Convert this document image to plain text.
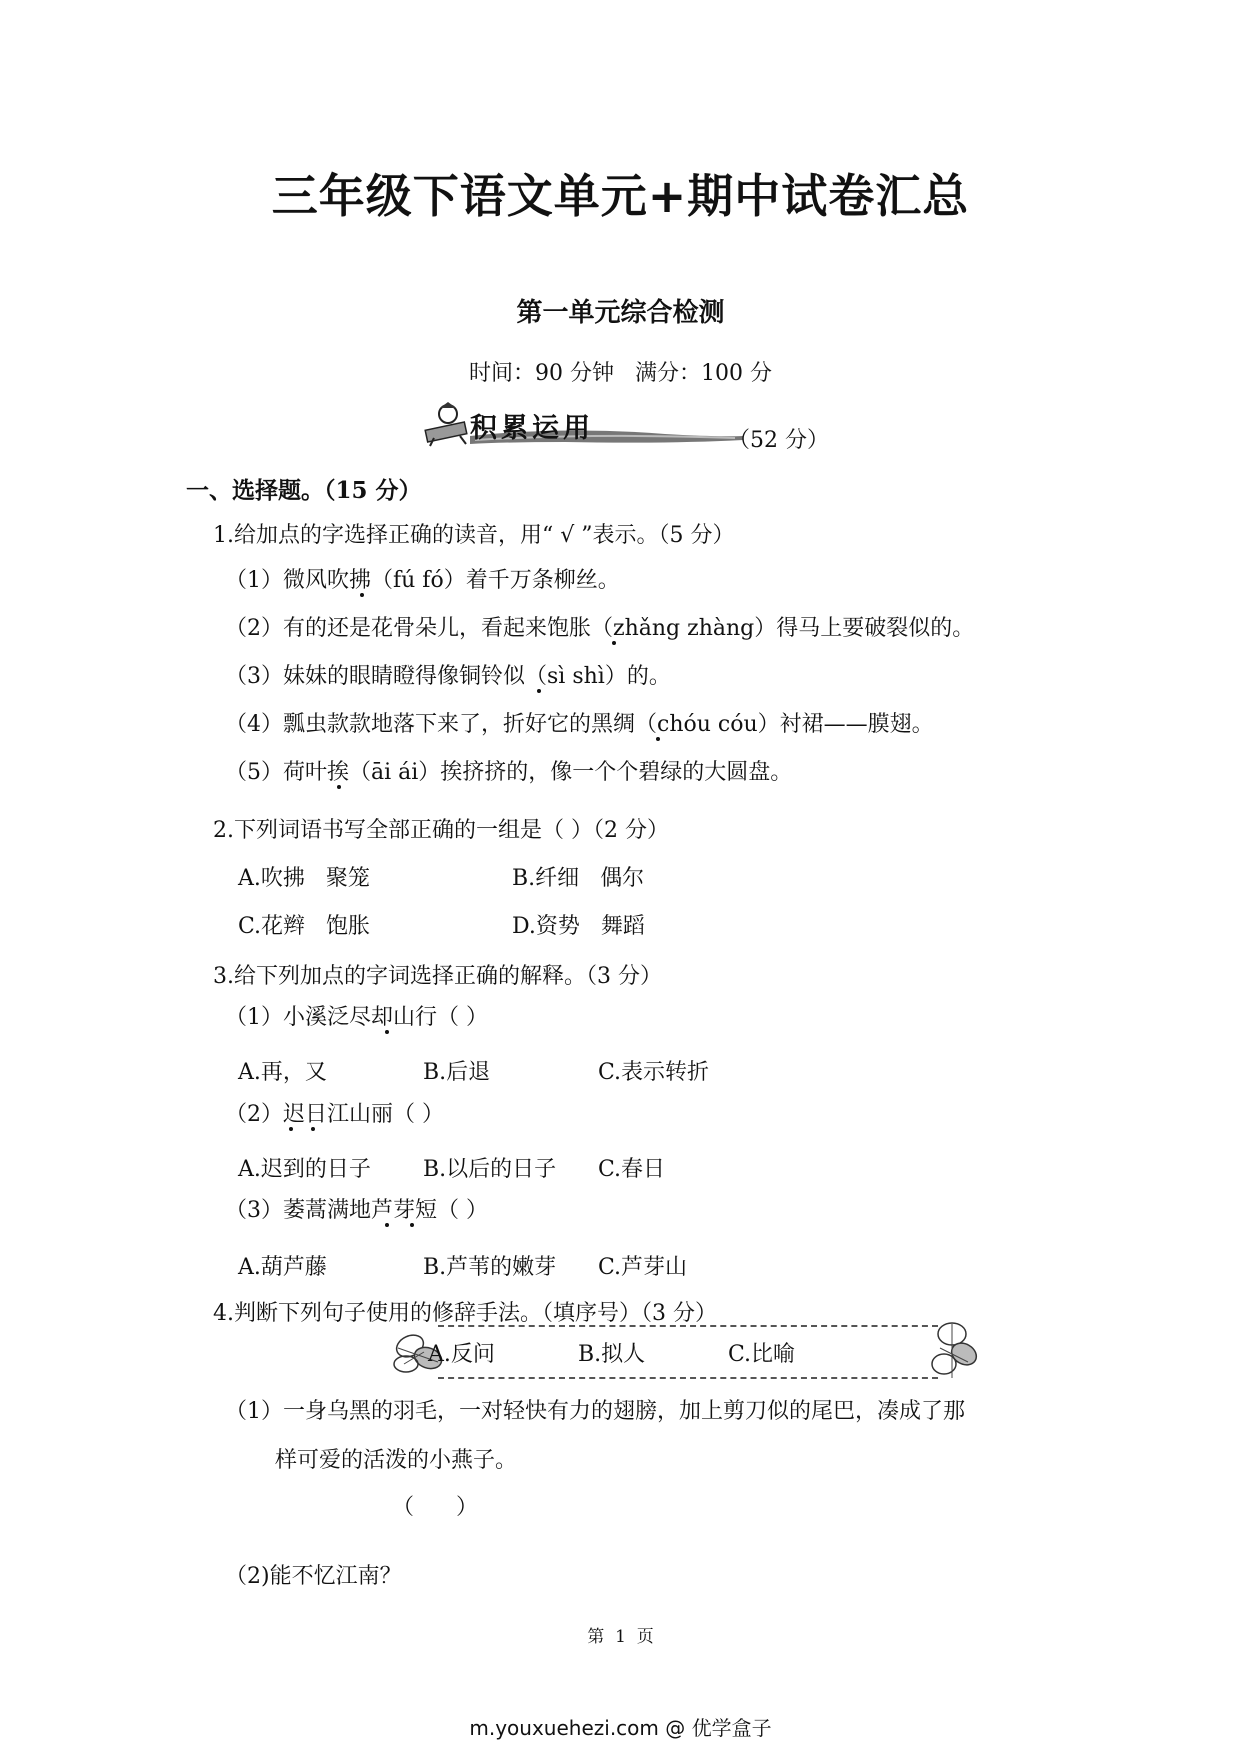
三年级下语文单元+期中试卷汇总
第一单元综合检测
时间：90 分钟   满分：100 分
积累运用	（52 分）
一、选择题。（15 分）
1.给加点的字选择正确的读音，用“ √ ”表示。（5 分）
（1）微风吹拂（fú fó）着千万条柳丝。
（2）有的还是花骨朵儿，看起来饱胀（zhǎng zhàng）得马上要破裂似的。
（3）妹妹的眼睛瞪得像铜铃似（sì shì）的。
（4）瓢虫款款地落下来了，折好它的黑绸（chóu cóu）衬裙——膜翅。
（5）荷叶挨（āi ái）挨挤挤的，像一个个碧绿的大圆盘。
2.下列词语书写全部正确的一组是（ ）（2 分）
A.吹拂   聚笼	B.纤细   偶尔
C.花辫   饱胀	D.资势   舞蹈
3.给下列加点的字词选择正确的解释。（3 分）
（1）小溪泛尽却山行（ ）
A.再，又	B.后退	C.表示转折
（2）迟日江山丽（ ）
A.迟到的日子 B.以后的日子 C.春日
（3）萎蒿满地芦芽短（ ）
A.葫芦藤	B.芦苇的嫩芽 C.芦芽山
4.判断下列句子使用的修辞手法。（填序号）（3 分）
A.反问	B.拟人	C.比喻
（1）一身乌黑的羽毛，一对轻快有力的翅膀，加上剪刀似的尾巴，凑成了那
样可爱的活泼的小燕子。
（      ）
（2)能不忆江南？
第  1  页
m.youxuehezi.com @ 优学盒子
